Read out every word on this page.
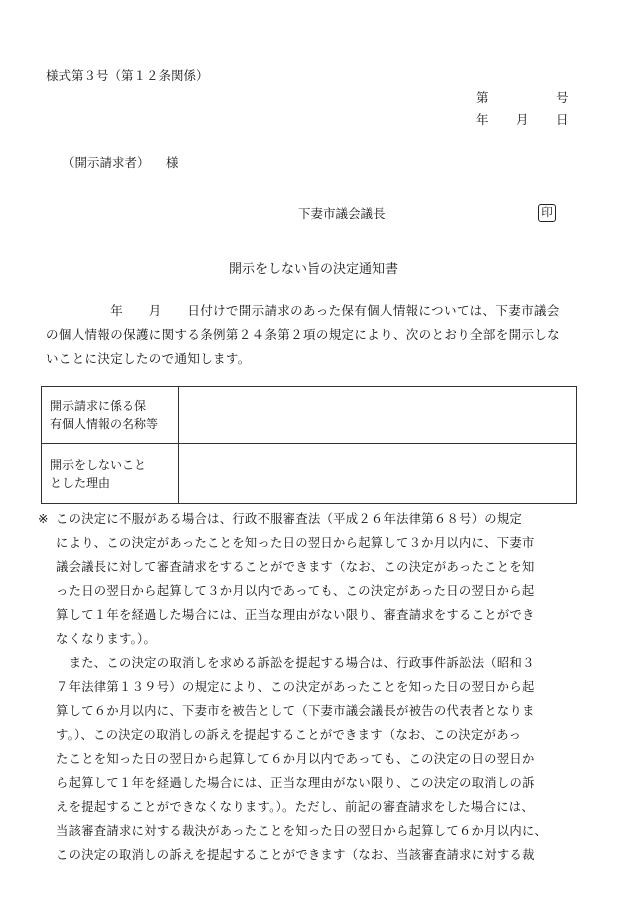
様式第３号（第１２条関係）
第	号
年 月 日
（開示請求者） 様
下妻市議会議長	印
開示をしない旨の決定通知書

　　　　　年　　月　　日付けで開示請求のあった保有個人情報については、下妻市議会

の個人情報の保護に関する条例第２４条第２項の規定により、次のとおり全部を開示しな

いことに決定したので通知します。

開示請求に係る保
有個人情報の名称等	

開示をしないこと
とした理由	

※ この決定に不服がある場合は、行政不服審査法（平成２６年法律第６８号）の規定

により、この決定があったことを知った日の翌日から起算して３か月以内に、下妻市

議会議長に対して審査請求をすることができます（なお、この決定があったことを知

った日の翌日から起算して３か月以内であっても、この決定があった日の翌日から起

算して１年を経過した場合には、正当な理由がない限り、審査請求をすることができ

なくなります。）。

　また、この決定の取消しを求める訴訟を提起する場合は、行政事件訴訟法（昭和３

７年法律第１３９号）の規定により、この決定があったことを知った日の翌日から起

算して６か月以内に、下妻市を被告として（下妻市議会議長が被告の代表者となりま

す。）、この決定の取消しの訴えを提起することができます（なお、この決定があっ

たことを知った日の翌日から起算して６か月以内であっても、この決定の日の翌日か

ら起算して１年を経過した場合には、正当な理由がない限り、この決定の取消しの訴

えを提起することができなくなります。）。ただし、前記の審査請求をした場合には、

当該審査請求に対する裁決があったことを知った日の翌日から起算して６か月以内に、

この決定の取消しの訴えを提起することができます（なお、当該審査請求に対する裁
